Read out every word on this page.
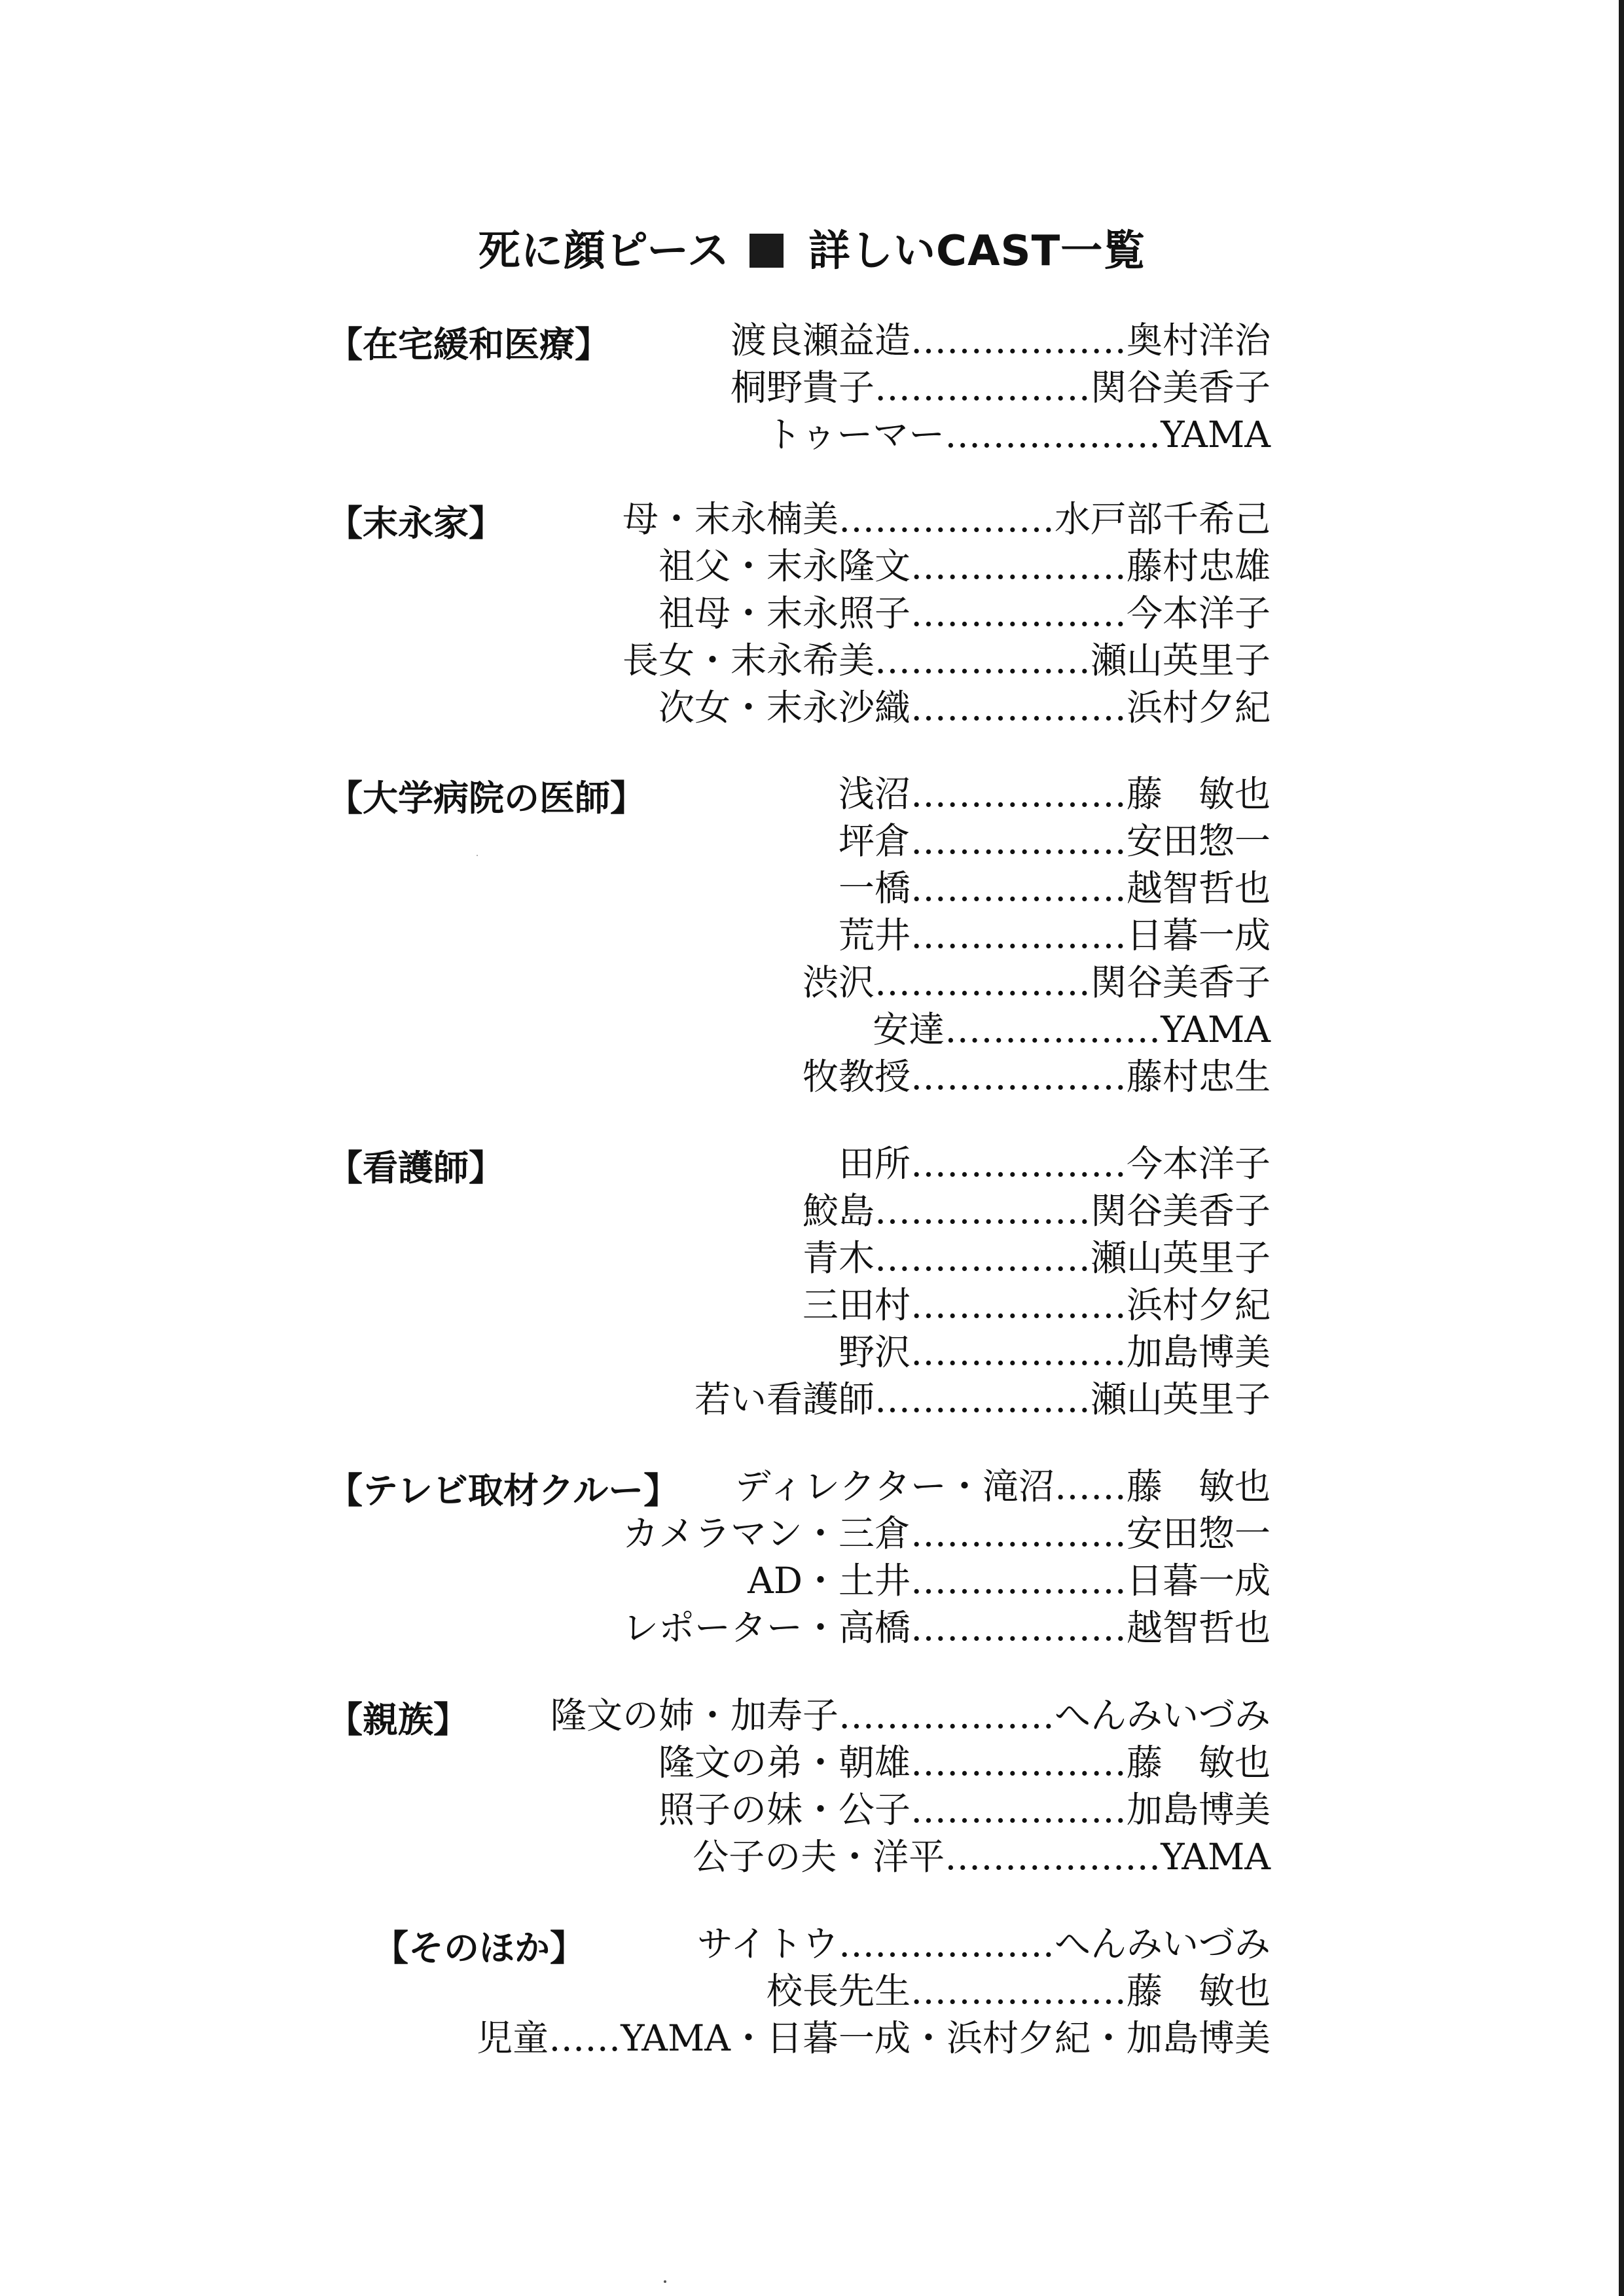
死に顔ピース 詳しいCAST一覧
【在宅緩和医療】	渡良瀬益造………………奥村洋治
桐野貴子………………関谷美香子
トゥーマー………………YAMA
【末永家】	母・末永楠美………………水戸部千希己
祖父・末永隆文………………藤村忠雄
祖母・末永照子………………今本洋子
長女・末永希美………………瀬山英里子
次女・末永沙織………………浜村夕紀
【大学病院の医師】	浅沼………………藤　敏也
坪倉………………安田惣一
一橋………………越智哲也
荒井………………日暮一成
渋沢………………関谷美香子
安達………………YAMA
牧教授………………藤村忠生
【看護師】	田所………………今本洋子
鮫島………………関谷美香子
青木………………瀬山英里子
三田村………………浜村夕紀
野沢………………加島博美
若い看護師………………瀬山英里子
【テレビ取材クルー】 ディレクター・滝沼……藤　敏也
カメラマン・三倉………………安田惣一
AD・土井………………日暮一成
レポーター・高橋………………越智哲也
【親族】 隆文の姉・加寿子………………へんみいづみ
隆文の弟・朝雄………………藤　敏也
照子の妹・公子………………加島博美
公子の夫・洋平………………YAMA
【そのほか】	サイトウ………………へんみいづみ
校長先生………………藤　敏也
児童……YAMA・日暮一成・浜村夕紀・加島博美
